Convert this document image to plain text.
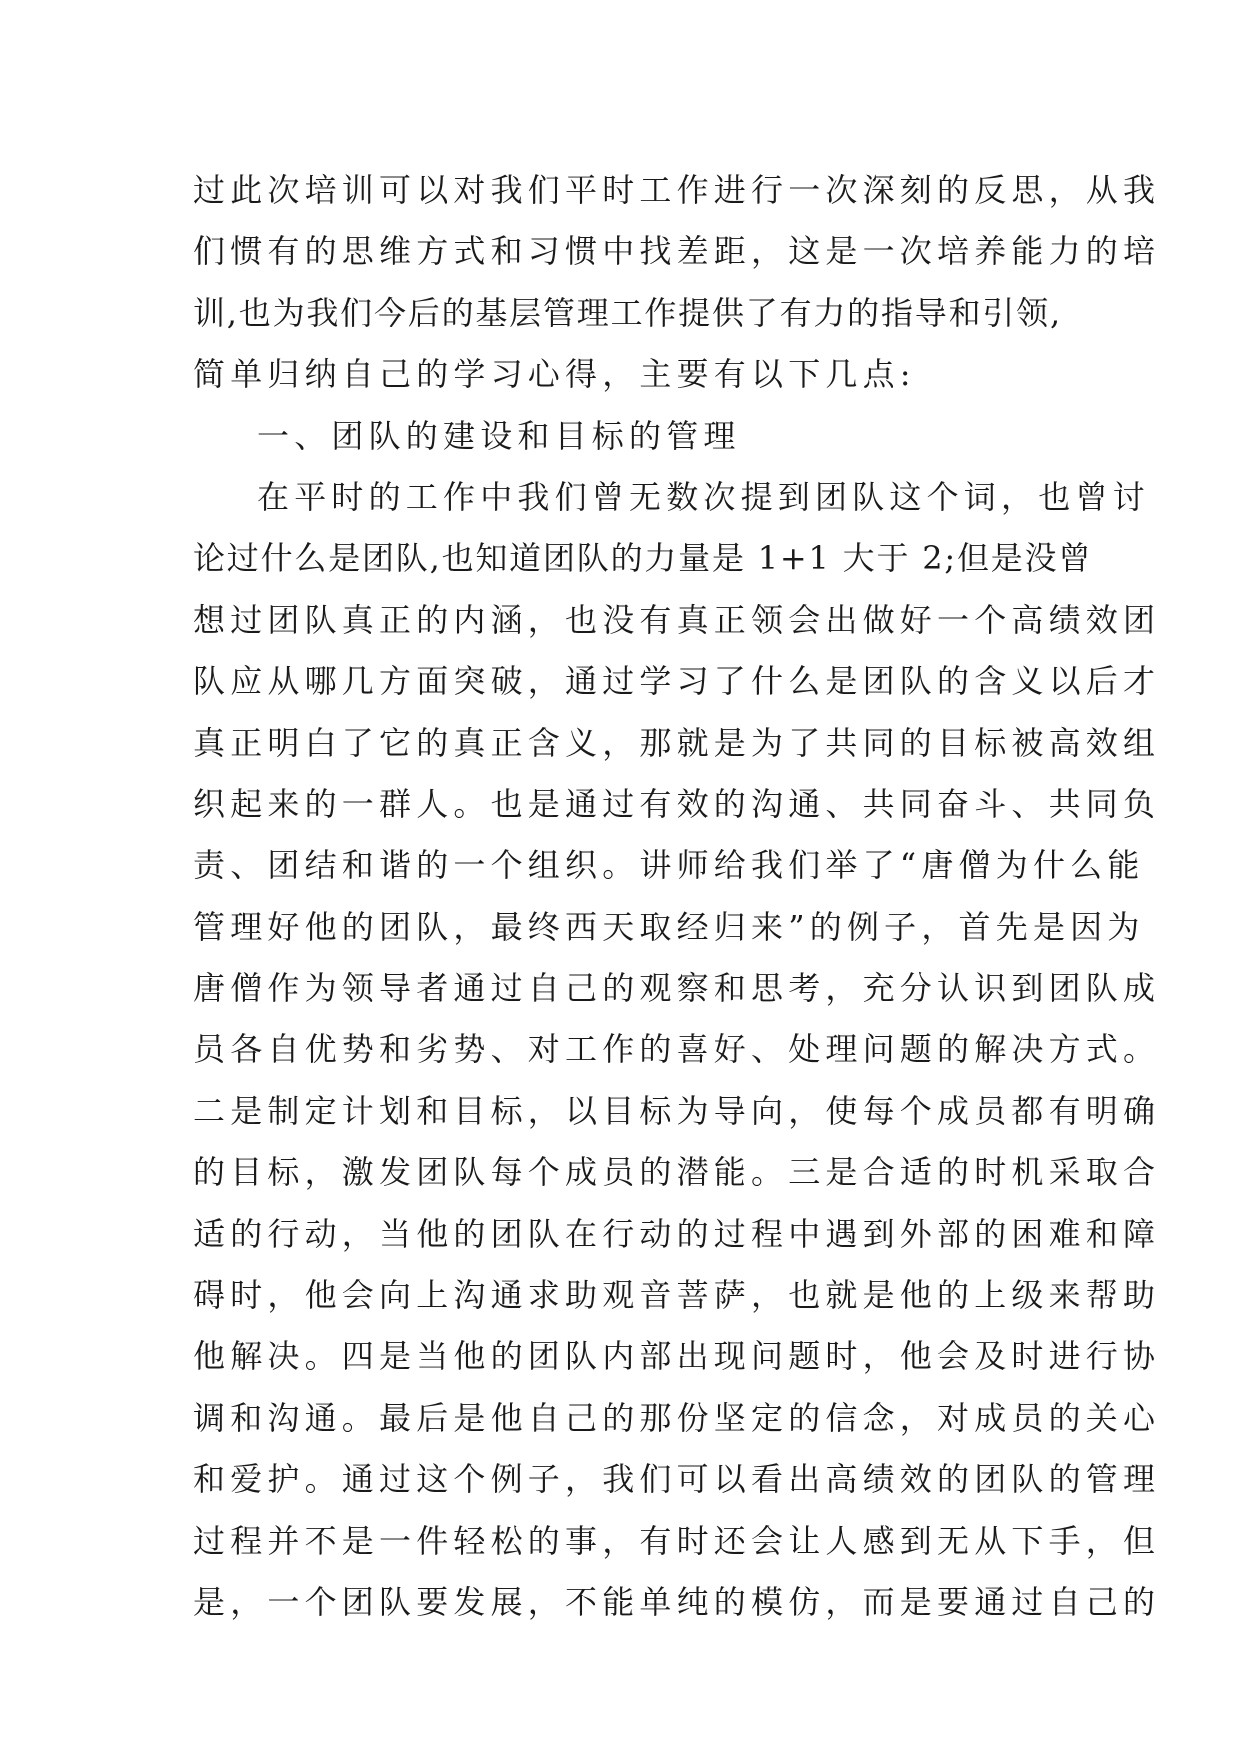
过此次培训可以对我们平时工作进行一次深刻的反思，从我
们惯有的思维方式和习惯中找差距，这是一次培养能力的培
训,也为我们今后的基层管理工作提供了有力的指导和引领,
简单归纳自己的学习心得，主要有以下几点:
一、团队的建设和目标的管理
在平时的工作中我们曾无数次提到团队这个词，也曾讨
论过什么是团队,也知道团队的力量是 1+1 大于 2;但是没曾
想过团队真正的内涵，也没有真正领会出做好一个高绩效团
队应从哪几方面突破，通过学习了什么是团队的含义以后才
真正明白了它的真正含义，那就是为了共同的目标被高效组
织起来的一群人。也是通过有效的沟通、共同奋斗、共同负
责、团结和谐的一个组织。讲师给我们举了“唐僧为什么能
管理好他的团队，最终西天取经归来”的例子，首先是因为
唐僧作为领导者通过自己的观察和思考，充分认识到团队成
员各自优势和劣势、对工作的喜好、处理问题的解决方式。
二是制定计划和目标，以目标为导向，使每个成员都有明确
的目标，激发团队每个成员的潜能。三是合适的时机采取合
适的行动，当他的团队在行动的过程中遇到外部的困难和障
碍时，他会向上沟通求助观音菩萨，也就是他的上级来帮助
他解决。四是当他的团队内部出现问题时，他会及时进行协
调和沟通。最后是他自己的那份坚定的信念，对成员的关心
和爱护。通过这个例子，我们可以看出高绩效的团队的管理
过程并不是一件轻松的事，有时还会让人感到无从下手，但
是，一个团队要发展，不能单纯的模仿，而是要通过自己的
